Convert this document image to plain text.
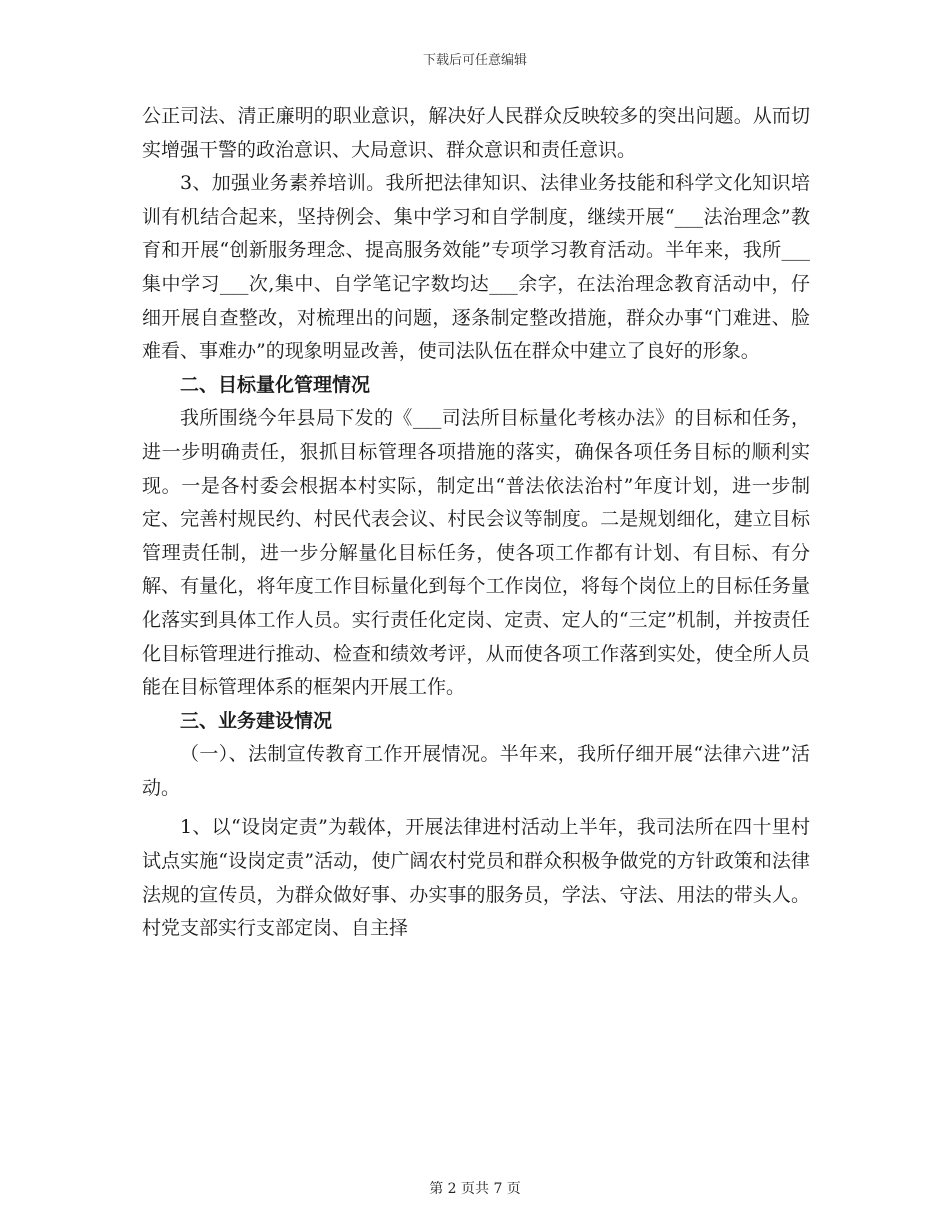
下载后可任意编辑

公正司法、清正廉明的职业意识，解决好人民群众反映较多的突出问题。从而切实增强干警的政治意识、大局意识、群众意识和责任意识。

3、加强业务素养培训。我所把法律知识、法律业务技能和科学文化知识培训有机结合起来，坚持例会、集中学习和自学制度，继续开展“___法治理念”教育和开展“创新服务理念、提高服务效能”专项学习教育活动。半年来，我所___集中学习___次,集中、自学笔记字数均达___余字，在法治理念教育活动中，仔细开展自查整改，对梳理出的问题，逐条制定整改措施，群众办事“门难进、脸难看、事难办”的现象明显改善，使司法队伍在群众中建立了良好的形象。

二、目标量化管理情况

我所围绕今年县局下发的《___司法所目标量化考核办法》的目标和任务，进一步明确责任，狠抓目标管理各项措施的落实，确保各项任务目标的顺利实现。一是各村委会根据本村实际，制定出“普法依法治村”年度计划，进一步制定、完善村规民约、村民代表会议、村民会议等制度。二是规划细化，建立目标管理责任制，进一步分解量化目标任务，使各项工作都有计划、有目标、有分解、有量化，将年度工作目标量化到每个工作岗位，将每个岗位上的目标任务量化落实到具体工作人员。实行责任化定岗、定责、定人的“三定”机制，并按责任化目标管理进行推动、检查和绩效考评，从而使各项工作落到实处，使全所人员能在目标管理体系的框架内开展工作。

三、业务建设情况

（一）、法制宣传教育工作开展情况。半年来，我所仔细开展“法律六进”活动。

1、以“设岗定责”为载体，开展法律进村活动上半年，我司法所在四十里村试点实施“设岗定责”活动，使广阔农村党员和群众积极争做党的方针政策和法律法规的宣传员，为群众做好事、办实事的服务员，学法、守法、用法的带头人。村党支部实行支部定岗、自主择

第 2 页共 7 页
